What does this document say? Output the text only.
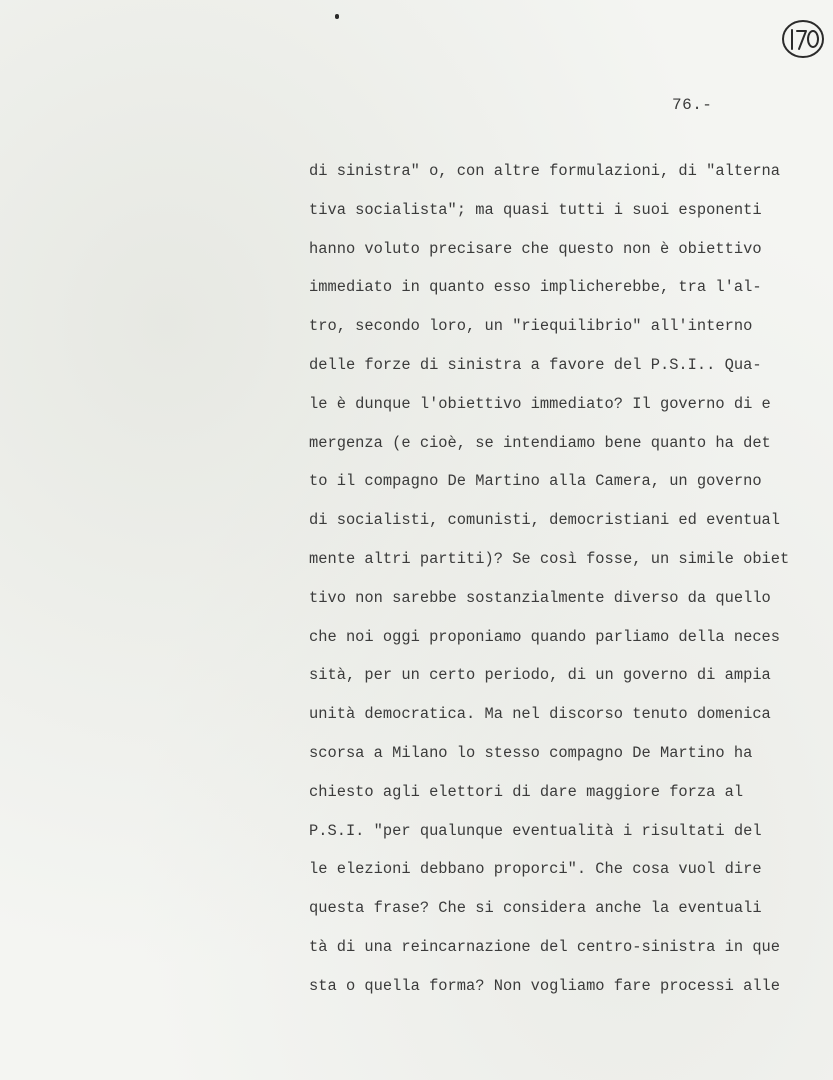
76.-
di sinistra" o, con altre formulazioni, di "alterna
tiva socialista"; ma quasi tutti i suoi esponenti
hanno voluto precisare che questo non è obiettivo
immediato in quanto esso implicherebbe, tra l'al-
tro, secondo loro, un "riequilibrio" all'interno
delle forze di sinistra a favore del P.S.I.. Qua-
le è dunque l'obiettivo immediato? Il governo di e
mergenza (e cioè, se intendiamo bene quanto ha det
to il compagno De Martino alla Camera, un governo
di socialisti, comunisti, democristiani ed eventual
mente altri partiti)? Se così fosse, un simile obiet
tivo non sarebbe sostanzialmente diverso da quello
che noi oggi proponiamo quando parliamo della neces
sità, per un certo periodo, di un governo di ampia
unità democratica. Ma nel discorso tenuto domenica
scorsa a Milano lo stesso compagno De Martino ha
chiesto agli elettori di dare maggiore forza al
P.S.I. "per qualunque eventualità i risultati del
le elezioni debbano proporci". Che cosa vuol dire
questa frase? Che si considera anche la eventuali
tà di una reincarnazione del centro-sinistra in que
sta o quella forma? Non vogliamo fare processi alle
